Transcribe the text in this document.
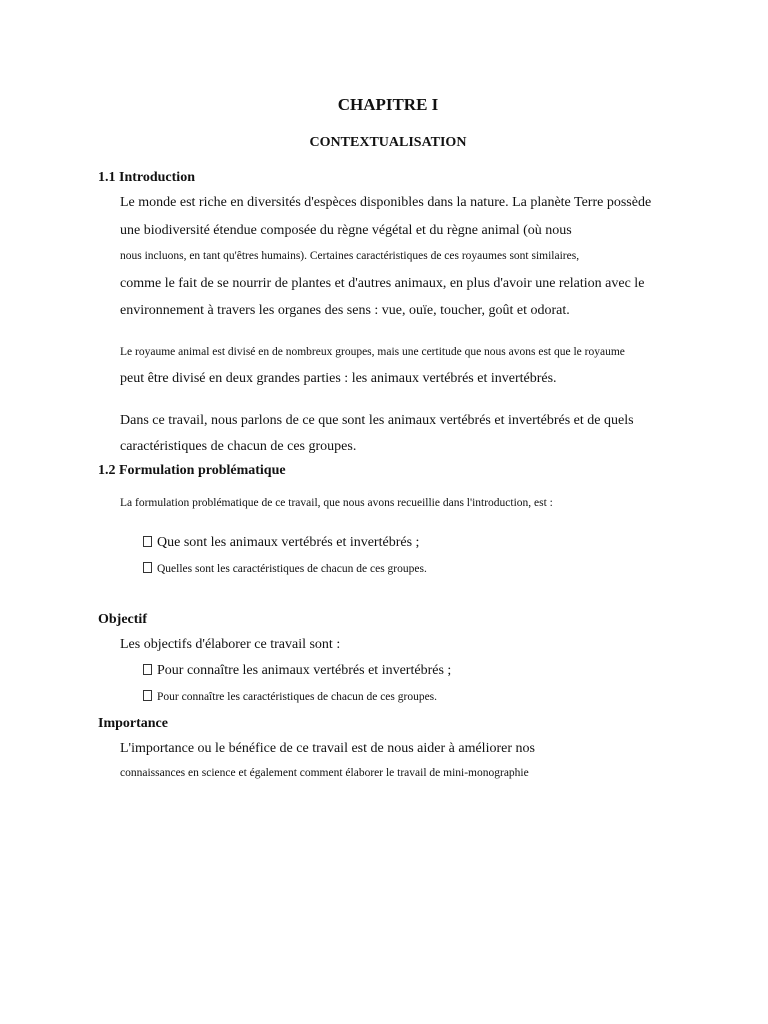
CHAPITRE I
CONTEXTUALISATION
1.1 Introduction

Le monde est riche en diversités d'espèces disponibles dans la nature. La planète Terre possède

une biodiversité étendue composée du règne végétal et du règne animal (où nous

nous incluons, en tant qu'êtres humains). Certaines caractéristiques de ces royaumes sont similaires,

comme le fait de se nourrir de plantes et d'autres animaux, en plus d'avoir une relation avec le

environnement à travers les organes des sens : vue, ouïe, toucher, goût et odorat.

Le royaume animal est divisé en de nombreux groupes, mais une certitude que nous avons est que le royaume

peut être divisé en deux grandes parties : les animaux vertébrés et invertébrés.

Dans ce travail, nous parlons de ce que sont les animaux vertébrés et invertébrés et de quels

caractéristiques de chacun de ces groupes.

1.2 Formulation problématique

La formulation problématique de ce travail, que nous avons recueillie dans l'introduction, est :

Que sont les animaux vertébrés et invertébrés ;

Quelles sont les caractéristiques de chacun de ces groupes.

Objectif

Les objectifs d'élaborer ce travail sont :

Pour connaître les animaux vertébrés et invertébrés ;

Pour connaître les caractéristiques de chacun de ces groupes.

Importance

L'importance ou le bénéfice de ce travail est de nous aider à améliorer nos

connaissances en science et également comment élaborer le travail de mini-monographie
